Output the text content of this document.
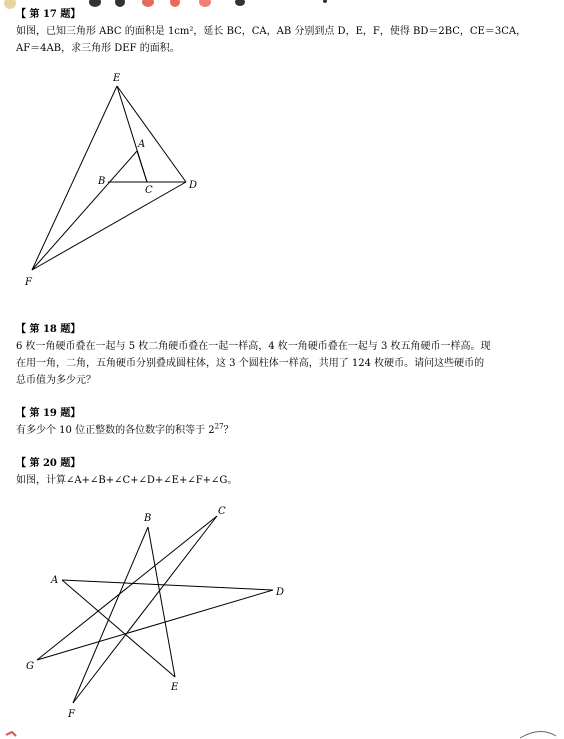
【 第 17 题】
如图，已知三角形 ABC 的面积是 1cm²，延长 BC，CA，AB 分别到点 D，E，F，使得 BD＝2BC，CE＝3CA，
AF＝4AB，求三角形 DEF 的面积。
E
A
B
C	D
F
【 第 18 题】
6 枚一角硬币叠在一起与 5 枚二角硬币叠在一起一样高，4 枚一角硬币叠在一起与 3 枚五角硬币一样高。现
在用一角，二角，五角硬币分别叠成圆柱体，这 3 个圆柱体一样高，共用了 124 枚硬币。请问这些硬币的
总币值为多少元？
【 第 19 题】
有多少个 10 位正整数的各位数字的积等于 $2^{27}$？
【 第 20 题】
如图，计算∠A+∠B+∠C+∠D+∠E+∠F+∠G。
B
C
A
D
G
E
F
